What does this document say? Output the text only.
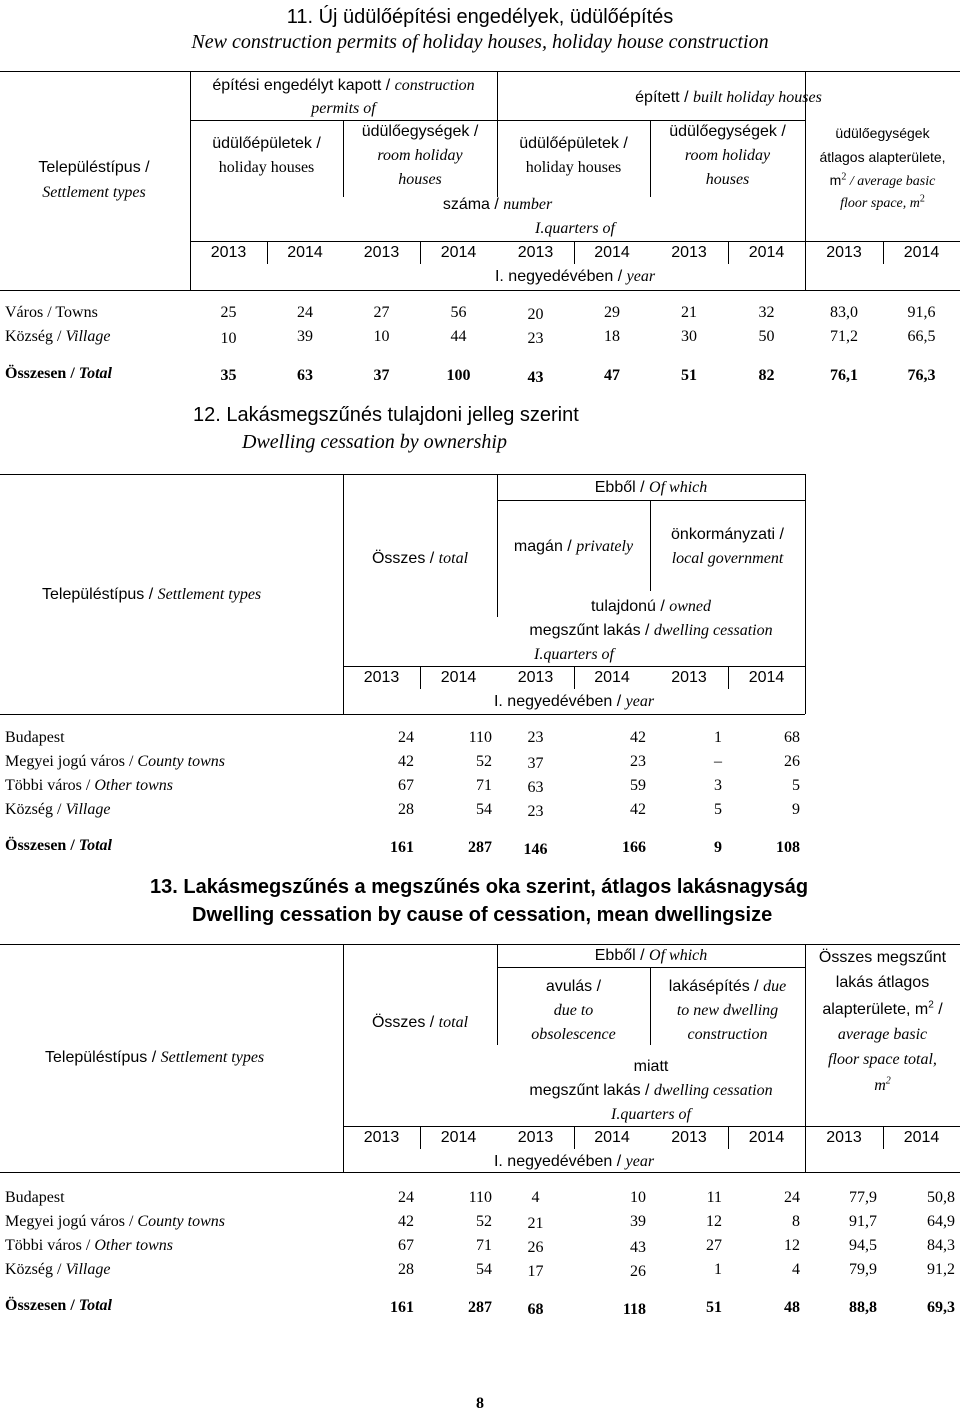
11. Új üdülőépítési engedélyek, üdülőépítés
New construction permits of holiday houses, holiday house construction
Településtípus /
Settlement types
építési engedélyt kapott / construction
permits of
épített / built holiday houses
üdülőépületek /
holiday houses
üdülőegységek /
room holiday
houses
üdülőépületek /
holiday houses
üdülőegységek /
room holiday
houses
üdülőegységek
átlagos alapterülete,
$m^2$ / average basic
floor space, $m^2$
száma / number
I.quarters of
2013	2014	2013	2014	2013	2014	2013	2014	2013	2014
I. negyedévében / year
Város / Towns	25	24	27	56	20	29	21	32	83,0	91,6
Község / Village	10	39	10	44	23	18	30	50	71,2	66,5
Összesen / Total	35	63	37	100	43	47	51	82	76,1	76,3
12. Lakásmegszűnés tulajdoni jelleg szerint
Dwelling cessation by ownership
Ebből / Of which
Összes / total
magán / privately
önkormányzati /
local government
Településtípus / Settlement types
tulajdonú / owned
megszűnt lakás / dwelling cessation
I.quarters of
2013	2014	2013	2014	2013	2014
I. negyedévében / year
Budapest	24	110	23	42	1	68
Megyei jogú város / County towns	42	52	37	23	–	26
Többi város / Other towns	67	71	63	59	3	5
Község / Village	28	54	23	42	5	9
Összesen / Total	161	287	146	166	9	108
13. Lakásmegszűnés a megszűnés oka szerint, átlagos lakásnagyság
Dwelling cessation by cause of cessation, mean dwellingsize
Ebből / Of which
Összes / total
avulás /
due to
obsolescence
lakásépítés / due
to new dwelling
construction
Összes megszűnt
lakás átlagos
alapterülete, $m^2$ /
average basic
floor space total,
$m^2$
Településtípus / Settlement types
miatt
megszűnt lakás / dwelling cessation
I.quarters of
2013	2014	2013	2014	2013	2014	2013	2014
I. negyedévében / year
Budapest	24	110	4	10	11	24	77,9	50,8
Megyei jogú város / County towns	42	52	21	39	12	8	91,7	64,9
Többi város / Other towns	67	71	26	43	27	12	94,5	84,3
Község / Village	28	54	17	26	1	4	79,9	91,2
Összesen / Total	161	287	68	118	51	48	88,8	69,3
8
